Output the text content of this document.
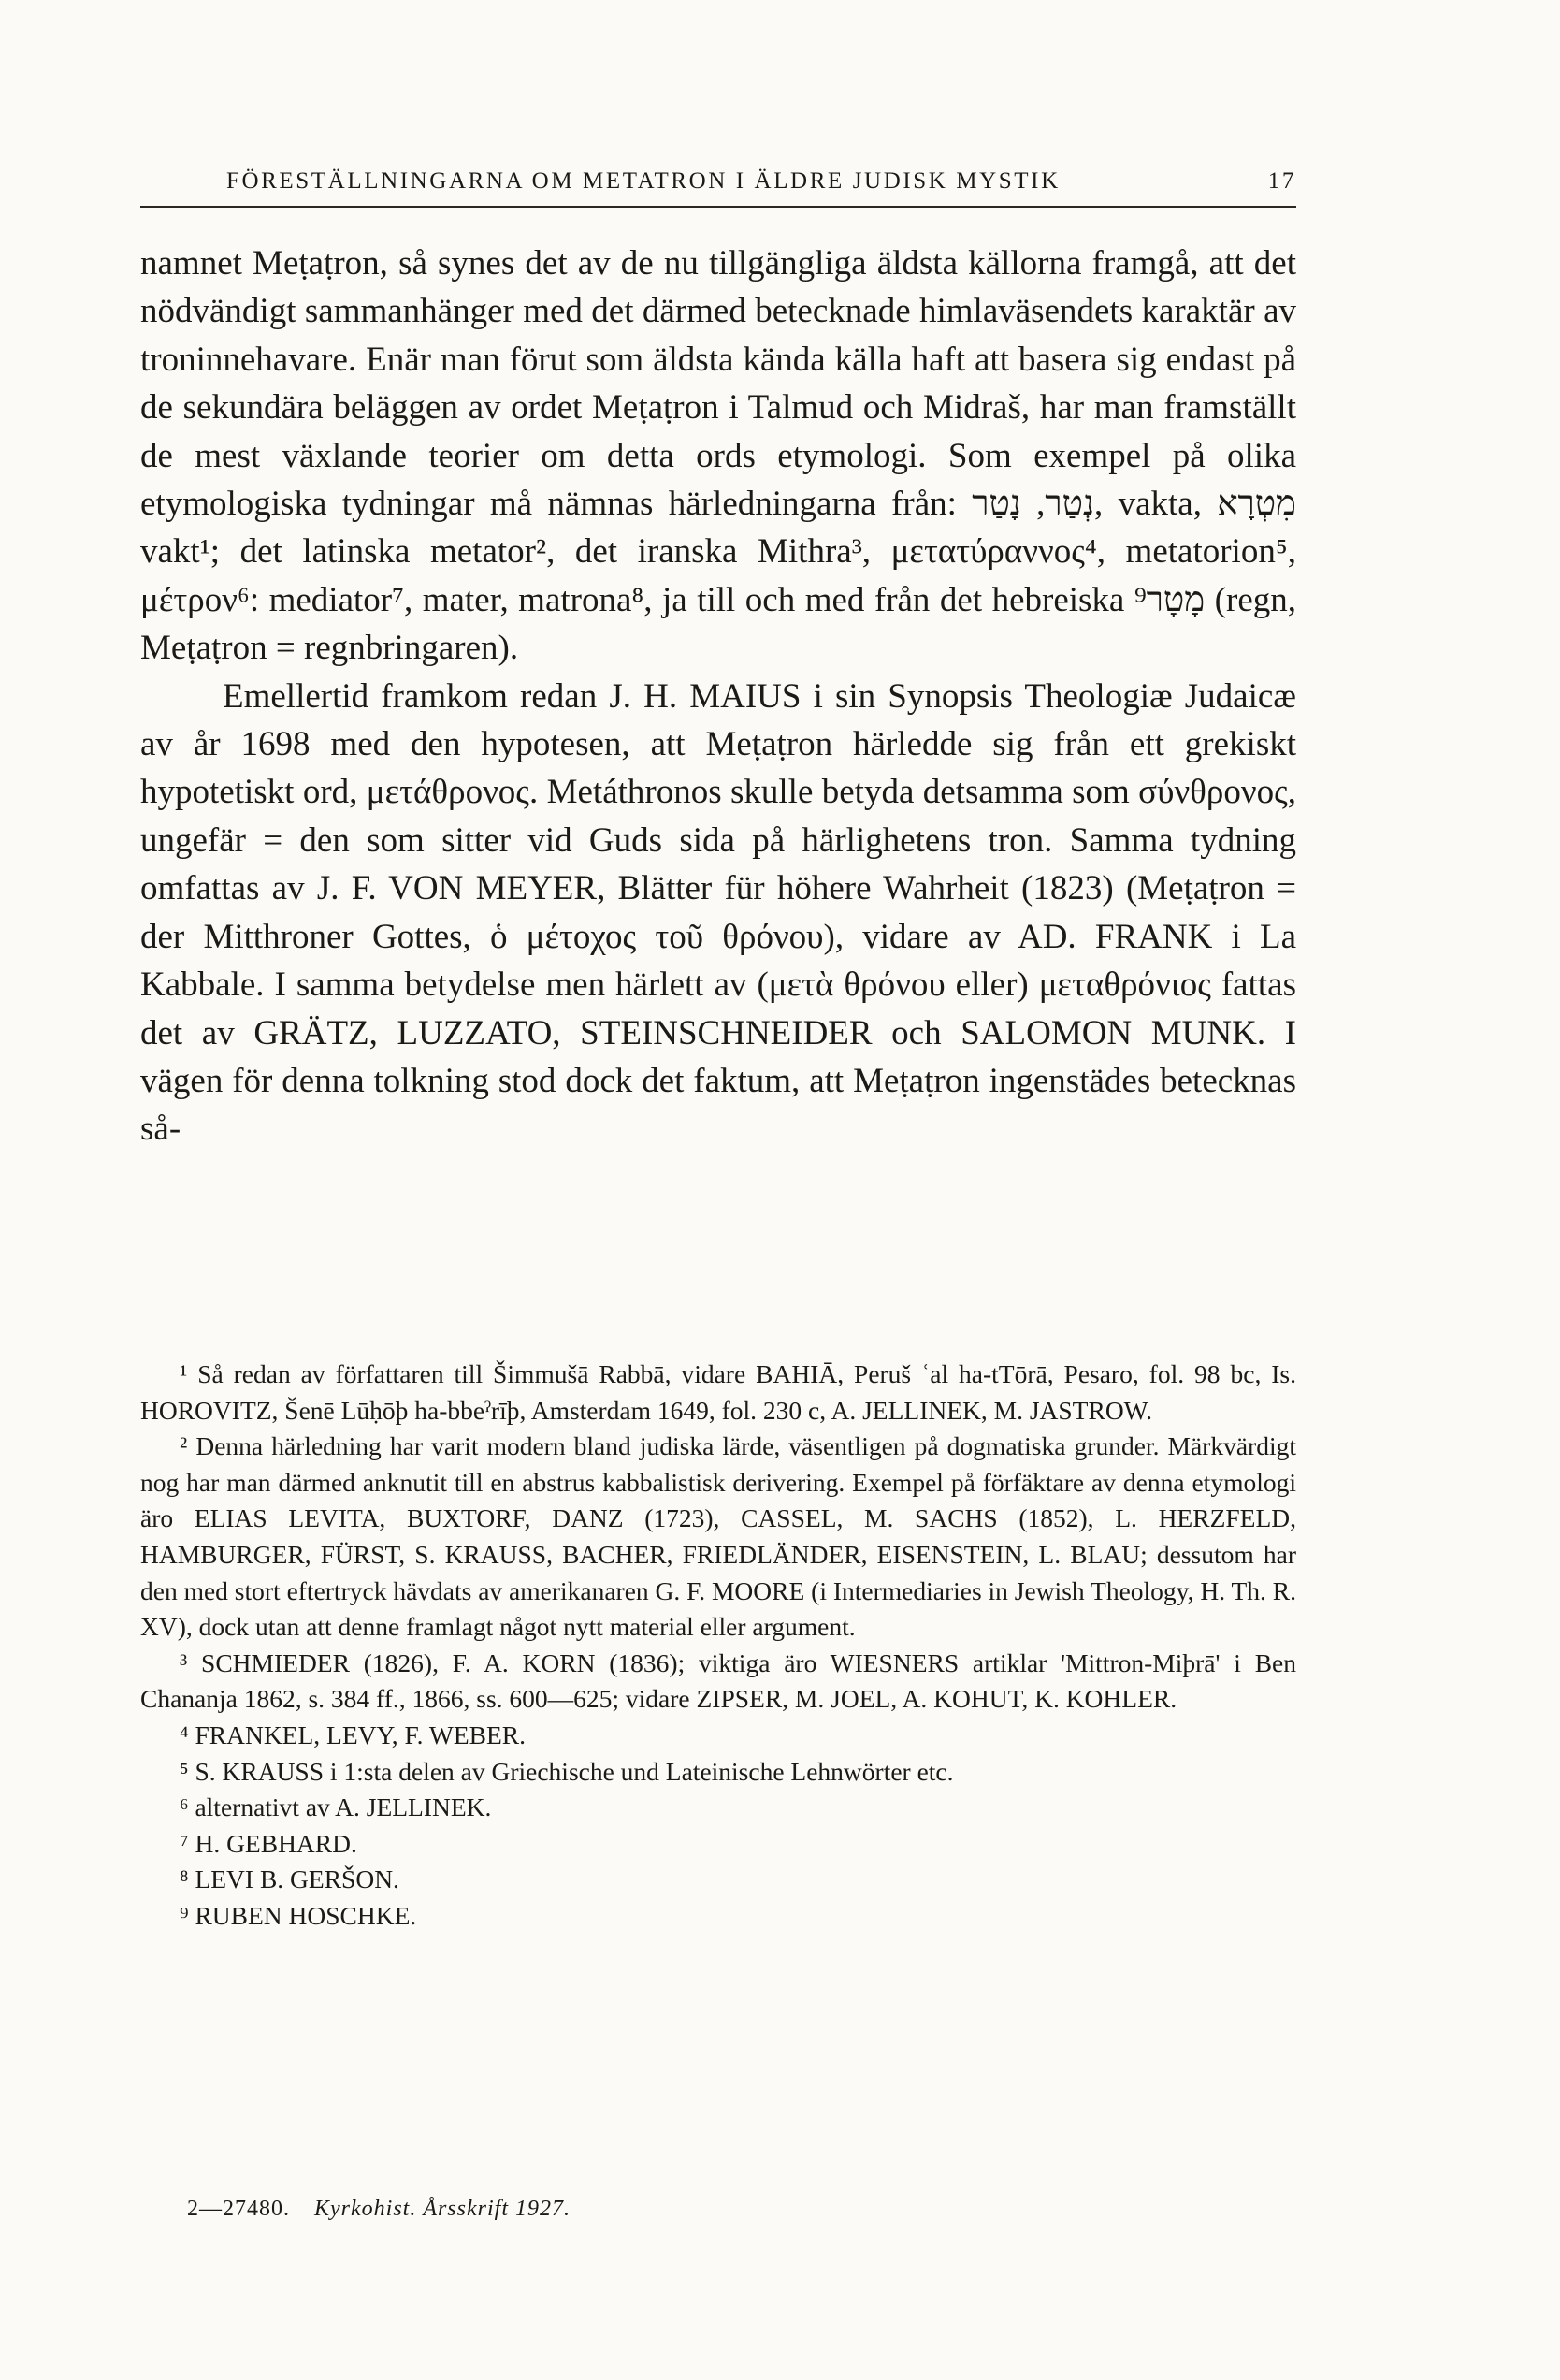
FÖRESTÄLLNINGARNA OM METATRON I ÄLDRE JUDISK MYSTIK	17

namnet Meṭaṭron, så synes det av de nu tillgängliga äldsta källorna framgå, att det nödvändigt sammanhänger med det därmed betecknade himlaväsendets karaktär av troninnehavare. Enär man förut som äldsta kända källa haft att basera sig endast på de sekundära beläggen av ordet Meṭaṭron i Talmud och Midraš, har man framställt de mest växlande teorier om detta ords etymologi. Som exempel på olika etymologiska tydningar må nämnas härledningarna från: נְטַר, נָטַר, vakta, מִטְרָא vakt¹; det latinska metator², det iranska Mithra³, μετατύραννος⁴, metatorion⁵, μέτρον⁶: mediator⁷, mater, matrona⁸, ja till och med från det hebreiska מָטָר⁹ (regn, Meṭaṭron = regnbringaren).

Emellertid framkom redan J. H. MAIUS i sin Synopsis Theologiæ Judaicæ av år 1698 med den hypotesen, att Meṭaṭron härledde sig från ett grekiskt hypotetiskt ord, μετάθρονος. Metáthronos skulle betyda detsamma som σύνθρονος, ungefär = den som sitter vid Guds sida på härlighetens tron. Samma tydning omfattas av J. F. VON MEYER, Blätter für höhere Wahrheit (1823) (Meṭaṭron = der Mitthroner Gottes, ὁ μέτοχος τοῦ θρόνου), vidare av AD. FRANK i La Kabbale. I samma betydelse men härlett av (μετὰ θρόνου eller) μεταθρόνιος fattas det av GRÄTZ, LUZZATO, STEINSCHNEIDER och SALOMON MUNK. I vägen för denna tolkning stod dock det faktum, att Meṭaṭron ingenstädes betecknas så-

¹ Så redan av författaren till Šimmušā Rabbā, vidare BAHIĀ, Peruš ʿal ha-tTōrā, Pesaro, fol. 98 bc, Is. HOROVITZ, Šenē Lūḥōþ ha-bbeˀrīþ, Amsterdam 1649, fol. 230 c, A. JELLINEK, M. JASTROW.

² Denna härledning har varit modern bland judiska lärde, väsentligen på dogmatiska grunder. Märkvärdigt nog har man därmed anknutit till en abstrus kabbalistisk derivering. Exempel på förfäktare av denna etymologi äro ELIAS LEVITA, BUXTORF, DANZ (1723), CASSEL, M. SACHS (1852), L. HERZFELD, HAMBURGER, FÜRST, S. KRAUSS, BACHER, FRIEDLÄNDER, EISENSTEIN, L. BLAU; dessutom har den med stort eftertryck hävdats av amerikanaren G. F. MOORE (i Intermediaries in Jewish Theology, H. Th. R. XV), dock utan att denne framlagt något nytt material eller argument.

³ SCHMIEDER (1826), F. A. KORN (1836); viktiga äro WIESNERS artiklar 'Mittron-Miþrā' i Ben Chananja 1862, s. 384 ff., 1866, ss. 600—625; vidare ZIPSER, M. JOEL, A. KOHUT, K. KOHLER.

⁴ FRANKEL, LEVY, F. WEBER.

⁵ S. KRAUSS i 1:sta delen av Griechische und Lateinische Lehnwörter etc.

⁶ alternativt av A. JELLINEK.

⁷ H. GEBHARD.

⁸ LEVI B. GERŠON.

⁹ RUBEN HOSCHKE.

2—27480. Kyrkohist. Årsskrift 1927.
